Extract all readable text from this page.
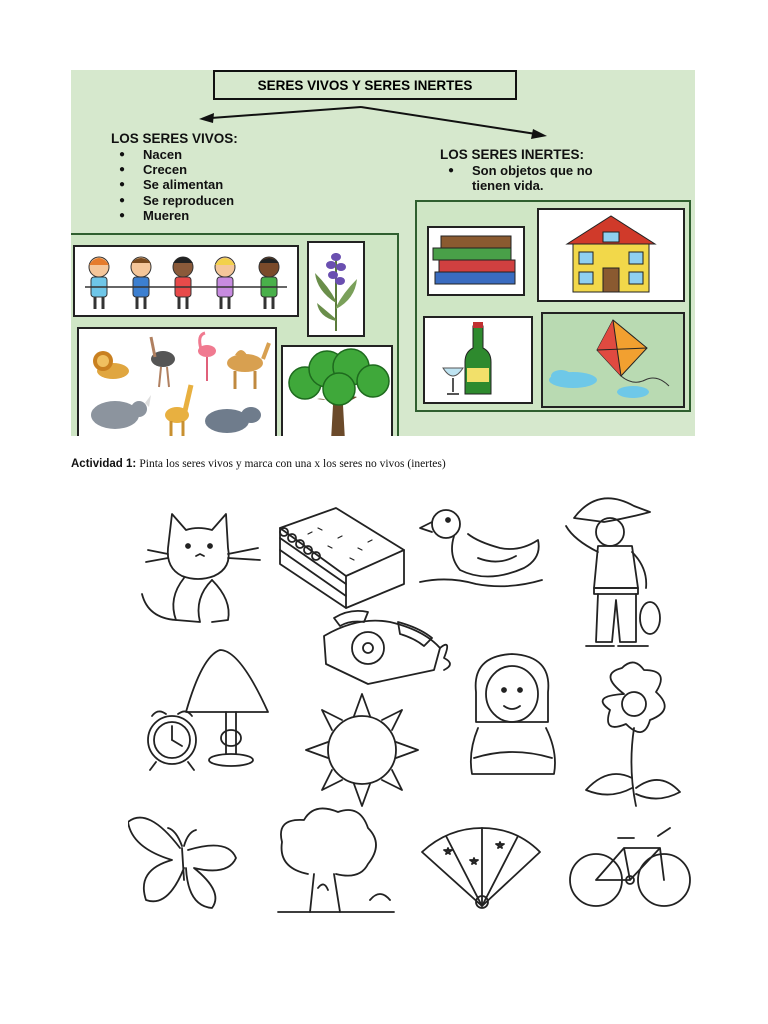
SERES VIVOS Y SERES INERTES
LOS SERES VIVOS:
● Nacen
● Crecen
● Se alimentan
● Se reproducen
● Mueren
LOS SERES INERTES:
● Son objetos que no tienen vida.
Actividad 1: Pinta los seres vivos y marca con una x los seres no vivos (inertes)
